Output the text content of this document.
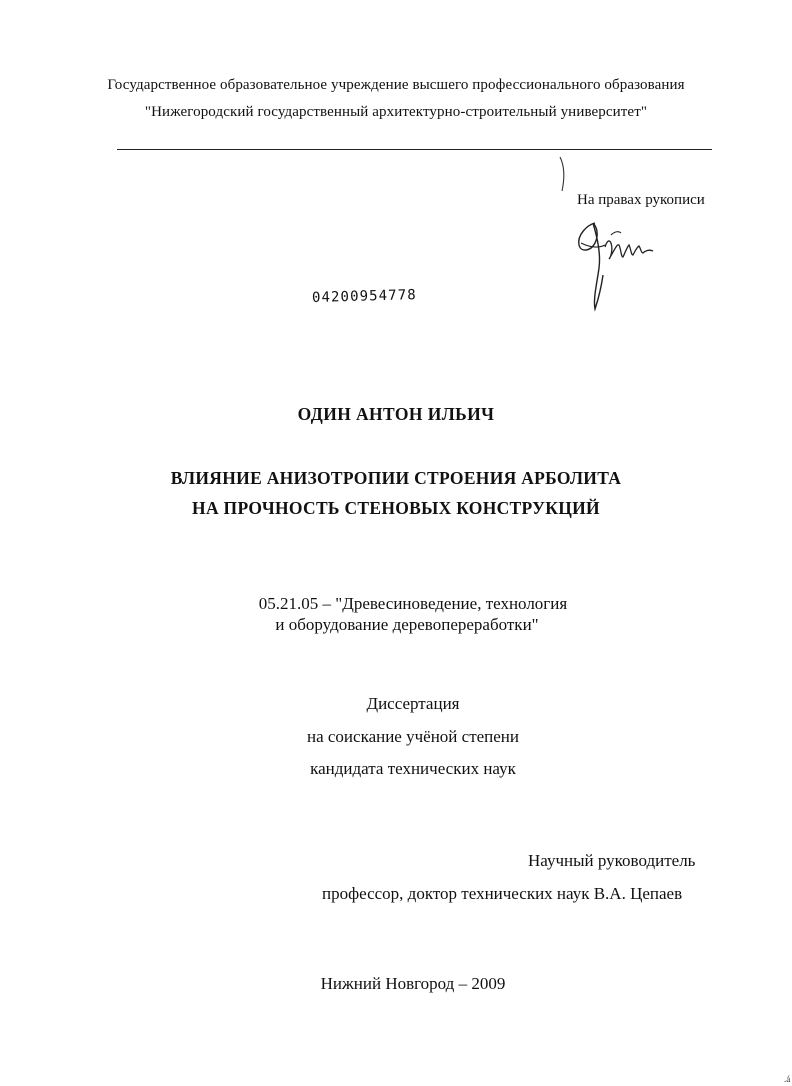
Государственное образовательное учреждение высшего профессионального образования
"Нижегородский государственный архитектурно-строительный университет"
На правах рукописи
04200954778
ОДИН АНТОН ИЛЬИЧ
ВЛИЯНИЕ АНИЗОТРОПИИ СТРОЕНИЯ АРБОЛИТА
НА ПРОЧНОСТЬ СТЕНОВЫХ КОНСТРУКЦИЙ
05.21.05 – "Древесиноведение, технология
и оборудование деревопереработки"
Диссертация
на соискание учёной степени
кандидата технических наук
Научный руководитель
профессор, доктор технических наук В.А. Цепаев
Нижний Новгород – 2009
.á
